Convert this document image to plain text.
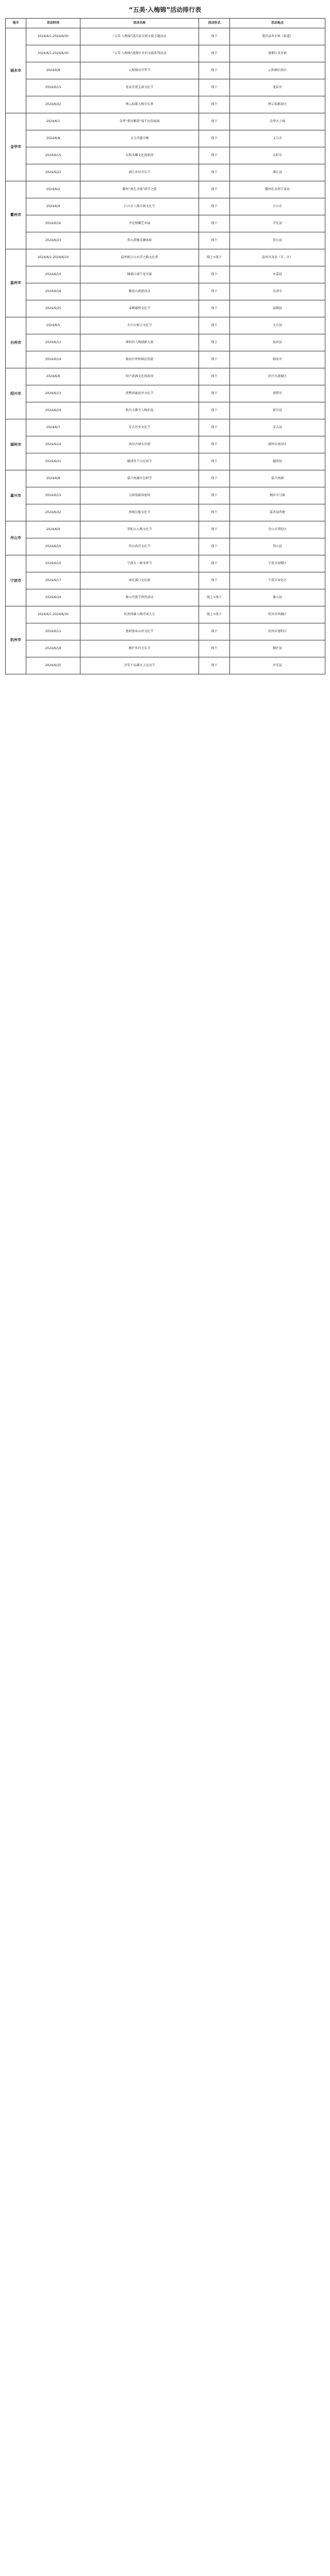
“五美·入梅锦”活动排行表
地市	活动时间	活动名称	活动形式	活动地点
丽水市	2024/6/1-2024/6/30	“五美·入梅锦”遂昌县全域文旅主题活动	线下	遂昌县各乡镇（街道）
	2024/6/1-2024/6/30	“五美·入梅锦”莲都区乡村文旅系列活动	线下	莲都区各乡镇
	2024/6/8	云和梯田开犁节	线下	云和梯田景区
	2024/6/15	龙泉青瓷宝剑文化节	线下	龙泉市
	2024/6/22	缙云仙都入梅音乐季	线下	缙云仙都景区
金华市	2024/6/1	金华“婺风雅韵”端午民俗展演	线下	金华古子城
	2024/6/8	义乌非遗市集	线下	义乌市
	2024/6/15	东阳木雕文化体验周	线下	东阳市
	2024/6/22	浦江乡村音乐节	线下	浦江县
衢州市	2024/6/2	衢州“南孔圣地”研学之旅	线下	衢州孔氏南宗家庙
	2024/6/9	江山廿八都古镇文化节	线下	江山市
	2024/6/16	开化根雕艺术展	线下	开化县
	2024/6/23	常山胡柚采摘体验	线下	常山县
温州市	2024/6/1-2024/6/10	温州瓯江山水诗之路文化季	线上+线下	温州市各县（市、区）
	2024/6/10	楠溪江端午龙舟赛	线下	永嘉县
	2024/6/18	雁荡山夜游活动	线下	乐清市
	2024/6/25	泰顺廊桥文化节	线下	泰顺县
台州市	2024/6/5	天台山和合文化节	线下	天台县
	2024/6/12	神仙居入梅摄影大赛	线上	仙居县
	2024/6/19	临海台州府城民俗游	线下	临海市
绍兴市	2024/6/6	绍兴黄酒文化体验周	线下	绍兴市越城区
	2024/6/13	诸暨西施故里文化节	线下	诸暨市
	2024/6/20	新昌大佛寺入梅祈福	线下	新昌县
湖州市	2024/6/7	安吉竹乡文化节	线下	安吉县
	2024/6/14	南浔古镇水乡游	线下	湖州市南浔区
	2024/6/21	德清莫干山民宿节	线下	德清县
嘉兴市	2024/6/8	嘉兴南湖红色研学	线下	嘉兴南湖
	2024/6/15	乌镇戏剧体验周	线下	桐乡市乌镇
	2024/6/22	西塘汉服文化节	线下	嘉善县西塘
舟山市	2024/6/9	普陀山入梅文化节	线下	舟山市普陀区
	2024/6/16	岱山海洋文化节	线下	岱山县
宁波市	2024/6/10	宁波天一阁书香节	线下	宁波市海曙区
	2024/6/17	奉化溪口文化游	线下	宁波市奉化区
	2024/6/24	象山开渔节预热活动	线上+线下	象山县
杭州市	2024/6/1-2024/6/30	杭州西湖入梅诗词大会	线上+线下	杭州市西湖区
	2024/6/11	富阳富春山居文化节	线下	杭州市富阳区
	2024/6/18	桐庐乡村音乐节	线下	桐庐县
	2024/6/25	淳安千岛湖水上运动节	线下	淳安县
